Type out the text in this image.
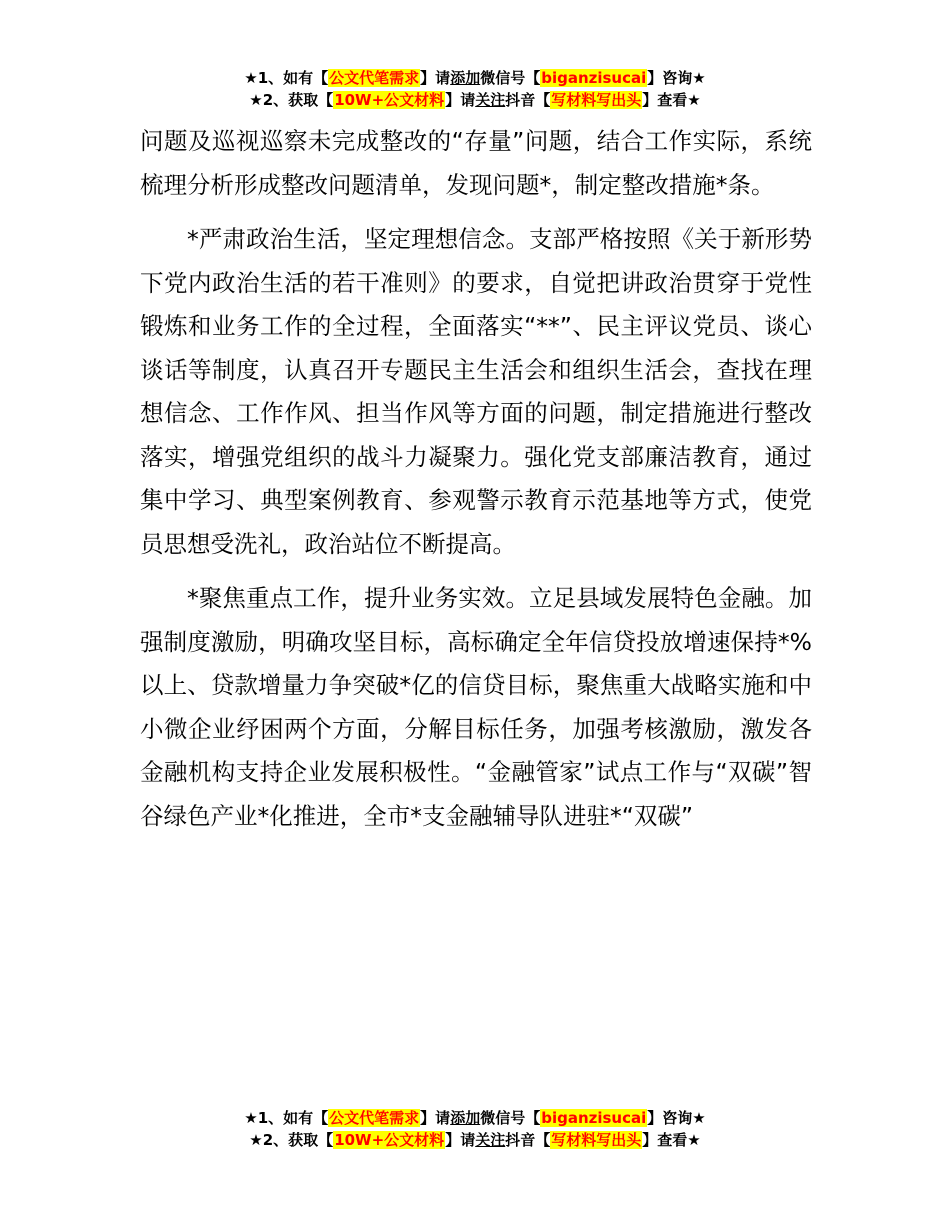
★1、如有【公文代笔需求】请添加微信号【biganzisucai】咨询★
★2、获取【10W+公文材料】请关注抖音【写材料写出头】查看★

问题及巡视巡察未完成整改的“存量”问题，结合工作实际，系统梳理分析形成整改问题清单，发现问题*，制定整改措施*条。

*严肃政治生活，坚定理想信念。支部严格按照《关于新形势下党内政治生活的若干准则》的要求，自觉把讲政治贯穿于党性锻炼和业务工作的全过程，全面落实“**”、民主评议党员、谈心谈话等制度，认真召开专题民主生活会和组织生活会，查找在理想信念、工作作风、担当作风等方面的问题，制定措施进行整改落实，增强党组织的战斗力凝聚力。强化党支部廉洁教育，通过集中学习、典型案例教育、参观警示教育示范基地等方式，使党员思想受洗礼，政治站位不断提高。

*聚焦重点工作，提升业务实效。立足县域发展特色金融。加强制度激励，明确攻坚目标，高标确定全年信贷投放增速保持*%以上、贷款增量力争突破*亿的信贷目标，聚焦重大战略实施和中小微企业纾困两个方面，分解目标任务，加强考核激励，激发各金融机构支持企业发展积极性。“金融管家”试点工作与“双碳”智谷绿色产业*化推进，全市*支金融辅导队进驻*“双碳”

★1、如有【公文代笔需求】请添加微信号【biganzisucai】咨询★
★2、获取【10W+公文材料】请关注抖音【写材料写出头】查看★
